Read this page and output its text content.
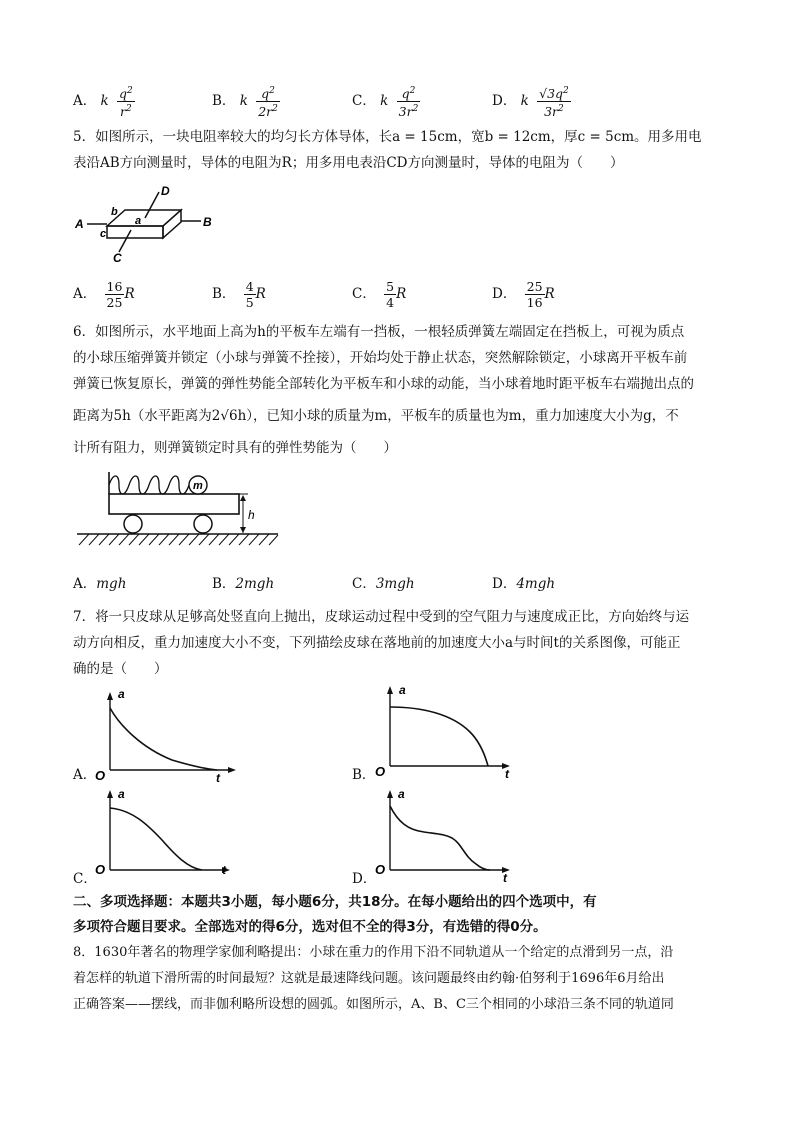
A． k $\frac{q^2}{r^2}$	B． k $\frac{q^2}{2r^2}$	C． k $\frac{q^2}{3r^2}$	D． k $\frac{√3q^2}{3r^2}$
5．如图所示，一块电阻率较大的均匀长方体导体，长a = 15cm，宽b = 12cm，厚c = 5cm。用多用电
表沿AB方向测量时，导体的电阻为R；用多用电表沿CD方向测量时，导体的电阻为（　　）
A	B
D
C
a
b
c
A． $\frac{16}{25}$ R	B． $\frac{4}{5}$ R	C． $\frac{5}{4}$ R	D． $\frac{25}{16}$ R
6．如图所示，水平地面上高为h的平板车左端有一挡板，一根轻质弹簧左端固定在挡板上，可视为质点
的小球压缩弹簧并锁定（小球与弹簧不拴接），开始均处于静止状态，突然解除锁定，小球离开平板车前
弹簧已恢复原长，弹簧的弹性势能全部转化为平板车和小球的动能，当小球着地时距平板车右端抛出点的
距离为5h（水平距离为2√6h），已知小球的质量为m，平板车的质量也为m，重力加速度大小为g，不
计所有阻力，则弹簧锁定时具有的弹性势能为（　　）
m
h
A．mgh	B．2mgh	C．3mgh	D．4mgh
7．将一只皮球从足够高处竖直向上抛出，皮球运动过程中受到的空气阻力与速度成正比，方向始终与运
动方向相反，重力加速度大小不变，下列描绘皮球在落地前的加速度大小a与时间t的关系图像，可能正
确的是（　　）
A．
a
t
O	B．
a
t
O
C．
a
t
O
D．
a
t
O
二、多项选择题：本题共3小题，每小题6分，共18分。在每小题给出的四个选项中，有
多项符合题目要求。全部选对的得6分，选对但不全的得3分，有选错的得0分。
8．1630年著名的物理学家伽利略提出：小球在重力的作用下沿不同轨道从一个给定的点滑到另一点，沿
着怎样的轨道下滑所需的时间最短？这就是最速降线问题。该问题最终由约翰·伯努利于1696年6月给出
正确答案——摆线，而非伽利略所设想的圆弧。如图所示，A、B、C三个相同的小球沿三条不同的轨道同
